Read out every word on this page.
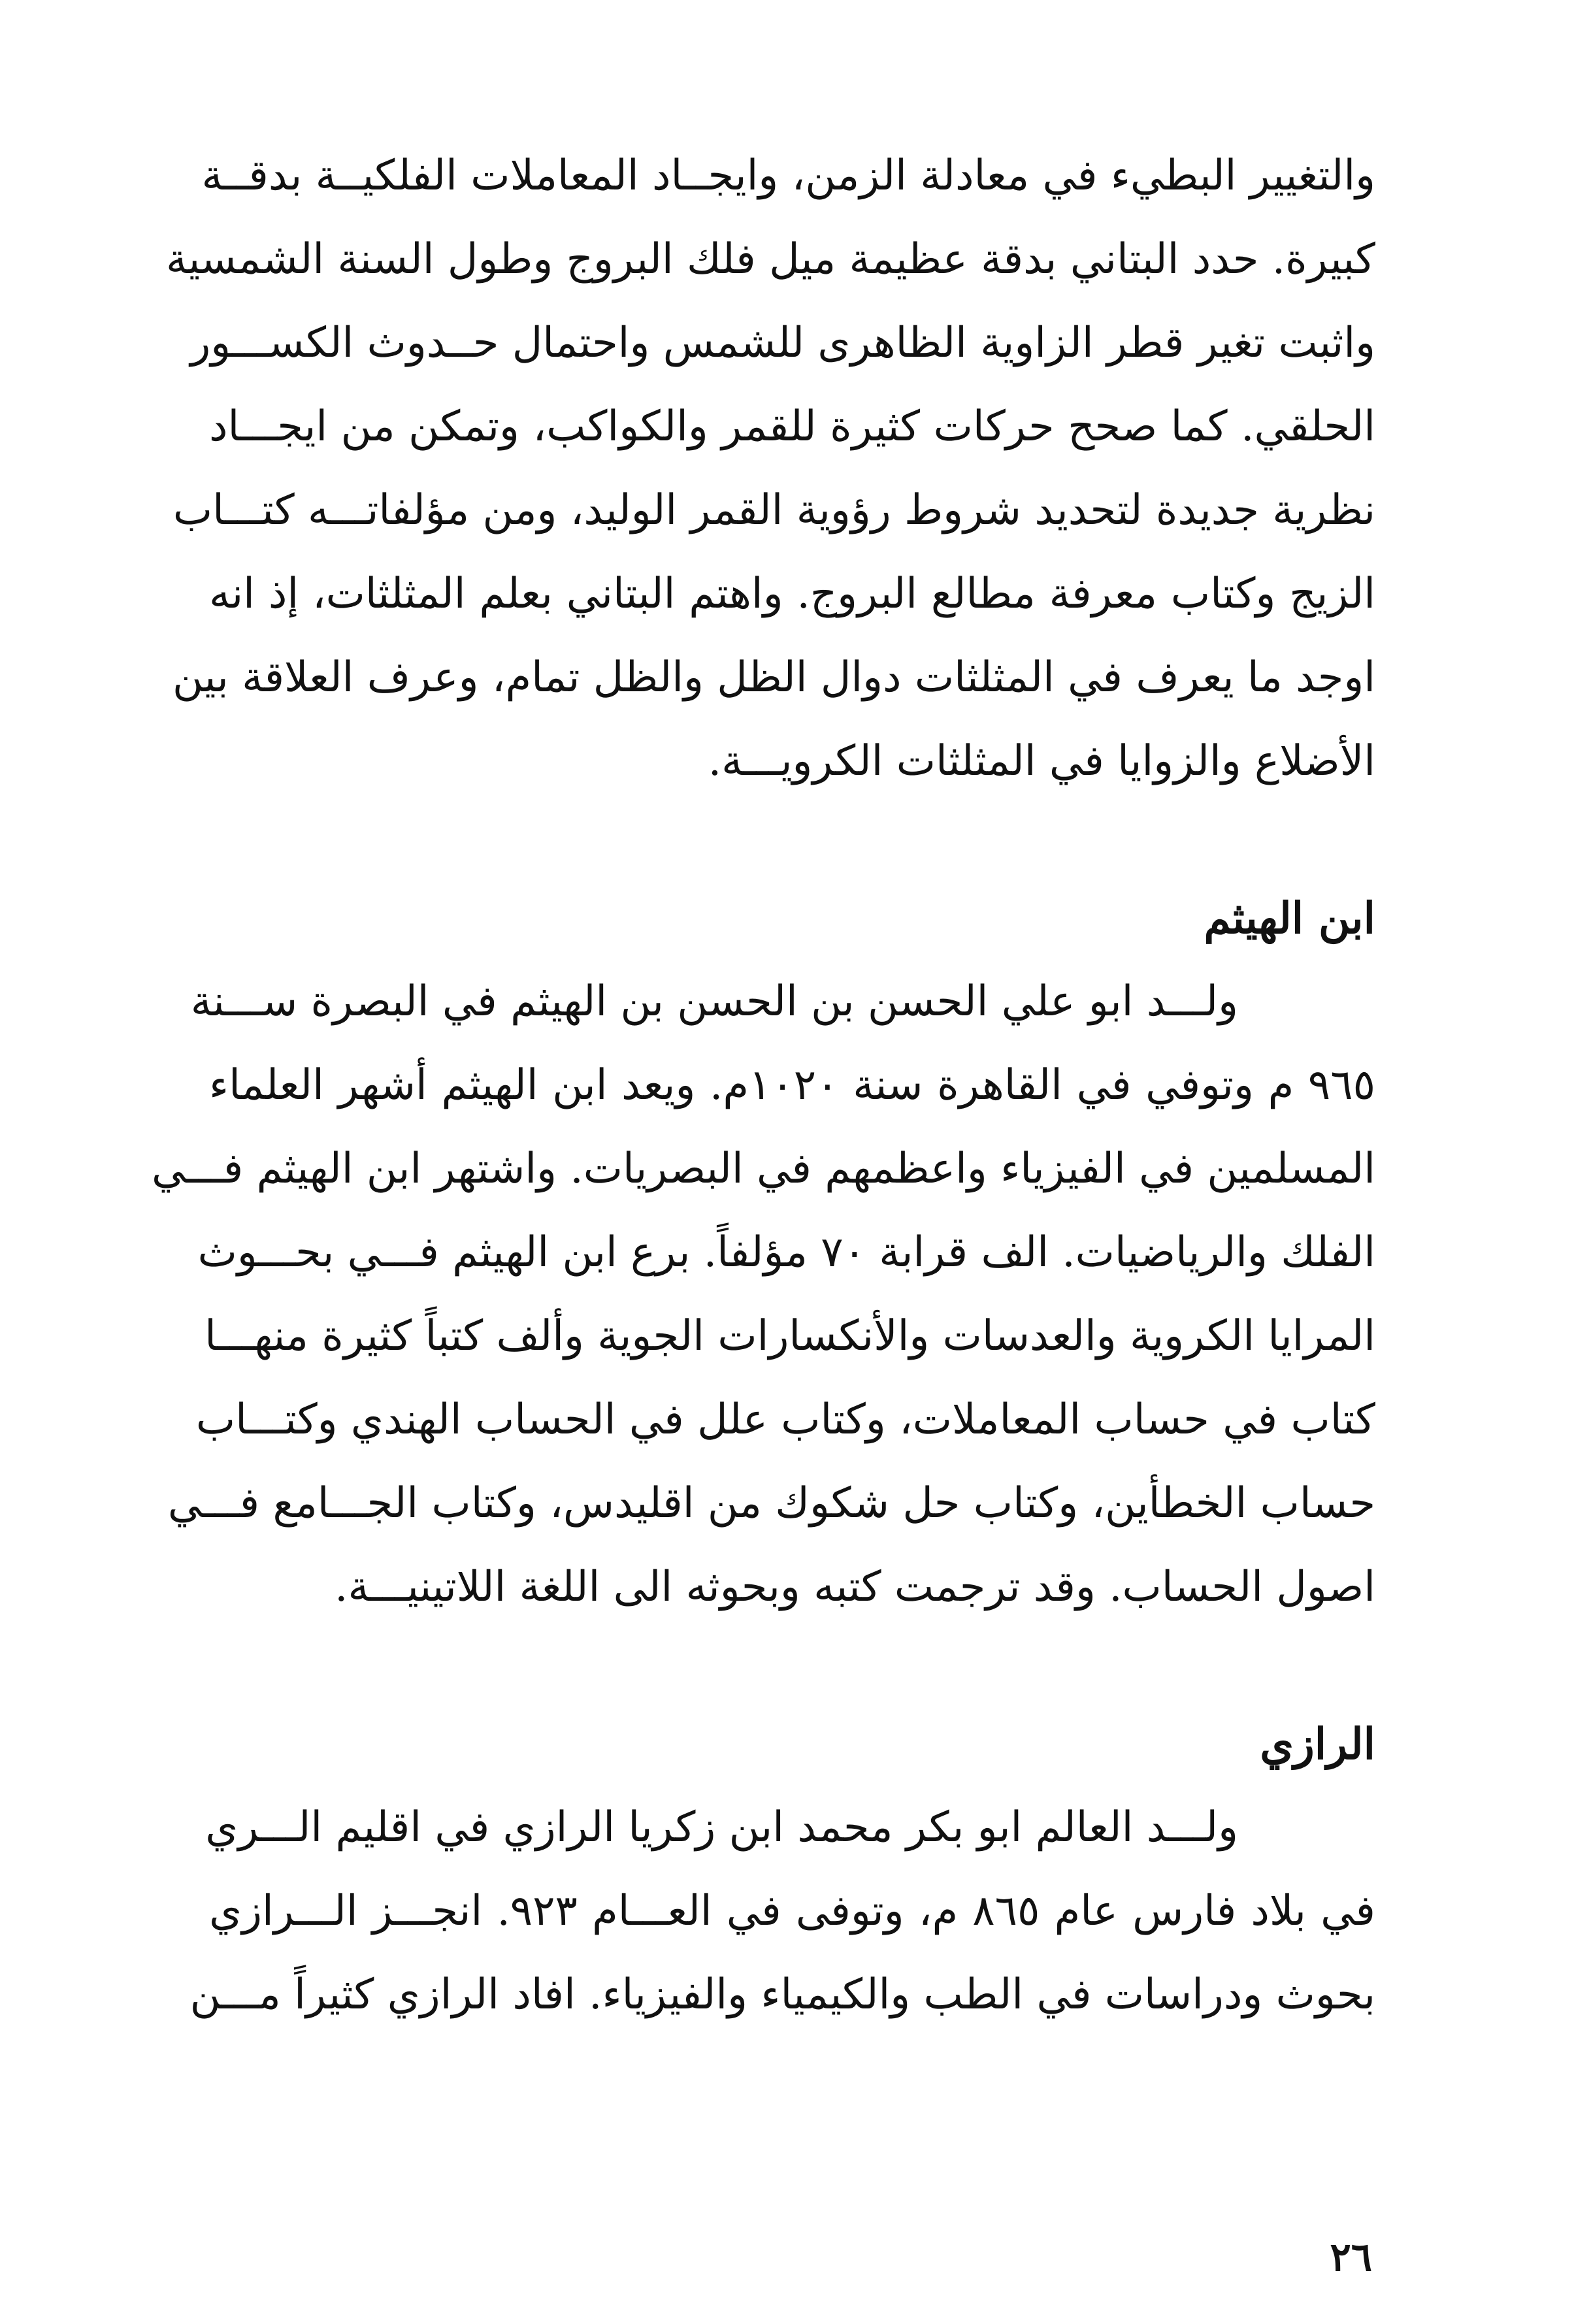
والتغيير البطيء في معادلة الزمن، وايجــاد المعاملات الفلكيــة بدقــة
كبيرة. حدد البتاني بدقة عظيمة ميل فلك البروج وطول السنة الشمسية
واثبت تغير قطر الزاوية الظاهرى للشمس واحتمال حــدوث الكســـور
الحلقي. كما صحح حركات كثيرة للقمر والكواكب، وتمكن من ايجـــاد
نظرية جديدة لتحديد شروط رؤوية القمر الوليد، ومن مؤلفاتـــه كتـــاب
الزيج وكتاب معرفة مطالع البروج. واهتم البتاني بعلم المثلثات، إذ انه
اوجد ما يعرف في المثلثات دوال الظل والظل تمام، وعرف العلاقة بين
الأضلاع والزوايا في المثلثات الكرويـــة.
ابن الهيثم
ولـــد ابو علي الحسن بن الحسن بن الهيثم في البصرة ســـنة
٩٦٥ م وتوفي في القاهرة سنة ١٠٢٠م. ويعد ابن الهيثم أشهر العلماء
المسلمين في الفيزياء واعظمهم في البصريات. واشتهر ابن الهيثم فـــي
الفلك والرياضيات. الف قرابة ٧٠ مؤلفاً. برع ابن الهيثم فـــي بحـــوث
المرايا الكروية والعدسات والأنكسارات الجوية وألف كتباً كثيرة منهـــا
كتاب في حساب المعاملات، وكتاب علل في الحساب الهندي وكتـــاب
حساب الخطأين، وكتاب حل شكوك من اقليدس، وكتاب الجـــامع فـــي
اصول الحساب. وقد ترجمت كتبه وبحوثه الى اللغة اللاتينيـــة.
الرازي
ولـــد العالم ابو بكر محمد ابن زكريا الرازي في اقليم الـــري
في بلاد فارس عام ٨٦٥ م، وتوفى في العـــام ٩٢٣. انجـــز الـــرازي
بحوث ودراسات في الطب والكيمياء والفيزياء. افاد الرازي كثيراً مـــن
٢٦
